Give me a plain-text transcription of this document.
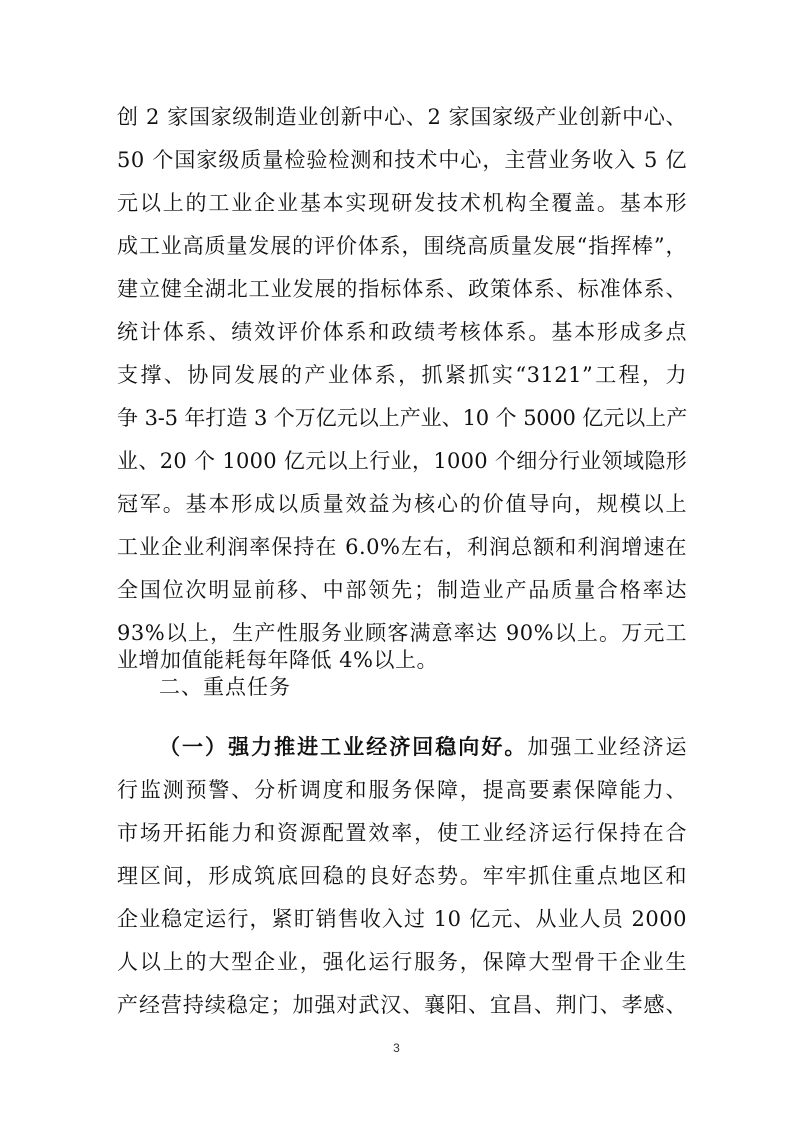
创 2 家国家级制造业创新中心、2 家国家级产业创新中心、
50 个国家级质量检验检测和技术中心，主营业务收入 5 亿
元以上的工业企业基本实现研发技术机构全覆盖。基本形
成工业高质量发展的评价体系，围绕高质量发展“指挥棒”，
建立健全湖北工业发展的指标体系、政策体系、标准体系、
统计体系、绩效评价体系和政绩考核体系。基本形成多点
支撑、协同发展的产业体系，抓紧抓实“3121”工程，力
争 3-5 年打造 3 个万亿元以上产业、10 个 5000 亿元以上产
业、20 个 1000 亿元以上行业，1000 个细分行业领域隐形
冠军。基本形成以质量效益为核心的价值导向，规模以上
工业企业利润率保持在 6.0%左右，利润总额和利润增速在
全国位次明显前移、中部领先；制造业产品质量合格率达
93%以上，生产性服务业顾客满意率达 90%以上。万元工
业增加值能耗每年降低 4%以上。
二、重点任务
（一）强力推进工业经济回稳向好。加强工业经济运
行监测预警、分析调度和服务保障，提高要素保障能力、
市场开拓能力和资源配置效率，使工业经济运行保持在合
理区间，形成筑底回稳的良好态势。牢牢抓住重点地区和
企业稳定运行，紧盯销售收入过 10 亿元、从业人员 2000
人以上的大型企业，强化运行服务，保障大型骨干企业生
产经营持续稳定；加强对武汉、襄阳、宜昌、荆门、孝感、
3
